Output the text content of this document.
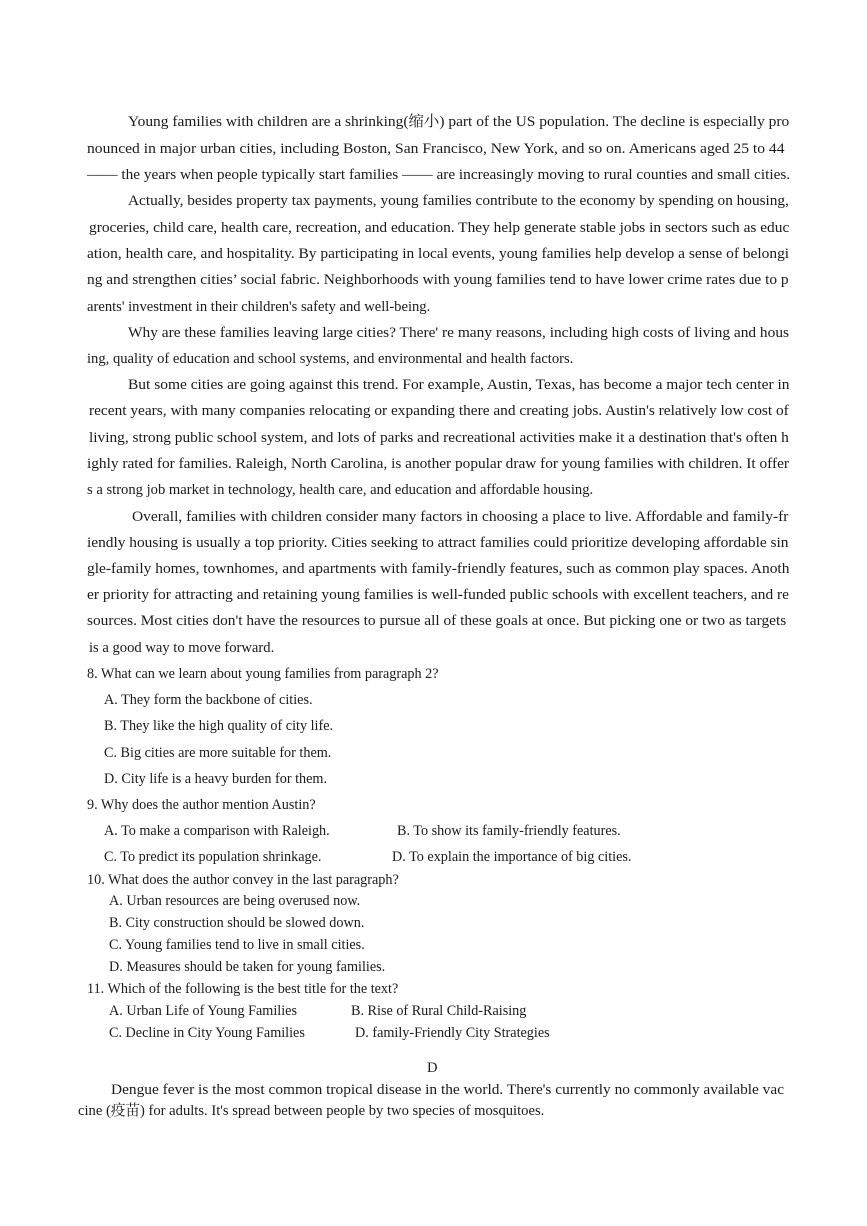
Young families with children are a shrinking(缩小) part of the US population. The decline is especially pro
nounced in major urban cities, including Boston, San Francisco, New York, and so on. Americans aged 25 to 44
—— the years when people typically start families —— are increasingly moving to rural counties and small cities.
Actually, besides property tax payments, young families contribute to the economy by spending on housing,
groceries, child care, health care, recreation, and education. They help generate stable jobs in sectors such as educ
ation, health care, and hospitality. By participating in local events, young families help develop a sense of belongi
ng and strengthen cities’ social fabric. Neighborhoods with young families tend to have lower crime rates due to p
arents' investment in their children's safety and well-being.
Why are these families leaving large cities? There' re many reasons, including high costs of living and hous
ing, quality of education and school systems, and environmental and health factors.
But some cities are going against this trend. For example, Austin, Texas, has become a major tech center in
recent years, with many companies relocating or expanding there and creating jobs. Austin's relatively low cost of
living, strong public school system, and lots of parks and recreational activities make it a destination that's often h
ighly rated for families. Raleigh, North Carolina, is another popular draw for young families with children. It offer
s a strong job market in technology, health care, and education and affordable housing.
Overall, families with children consider many factors in choosing a place to live. Affordable and family-fr
iendly housing is usually a top priority. Cities seeking to attract families could prioritize developing affordable sin
gle-family homes, townhomes, and apartments with family-friendly features, such as common play spaces. Anoth
er priority for attracting and retaining young families is well-funded public schools with excellent teachers, and re
sources. Most cities don't have the resources to pursue all of these goals at once. But picking one or two as targets
is a good way to move forward.
8. What can we learn about young families from paragraph 2?
A. They form the backbone of cities.
B. They like the high quality of city life.
C. Big cities are more suitable for them.
D. City life is a heavy burden for them.
9. Why does the author mention Austin?
A. To make a comparison with Raleigh.	B. To show its family-friendly features.
C. To predict its population shrinkage.	D. To explain the importance of big cities.
10. What does the author convey in the last paragraph?
A. Urban resources are being overused now.
B. City construction should be slowed down.
C. Young families tend to live in small cities.
D. Measures should be taken for young families.
11. Which of the following is the best title for the text?
A. Urban Life of Young Families	B. Rise of Rural Child-Raising
C. Decline in City Young Families	D. family-Friendly City Strategies
D
Dengue fever is the most common tropical disease in the world. There's currently no commonly available vac
cine (疫苗) for adults. It's spread between people by two species of mosquitoes.
